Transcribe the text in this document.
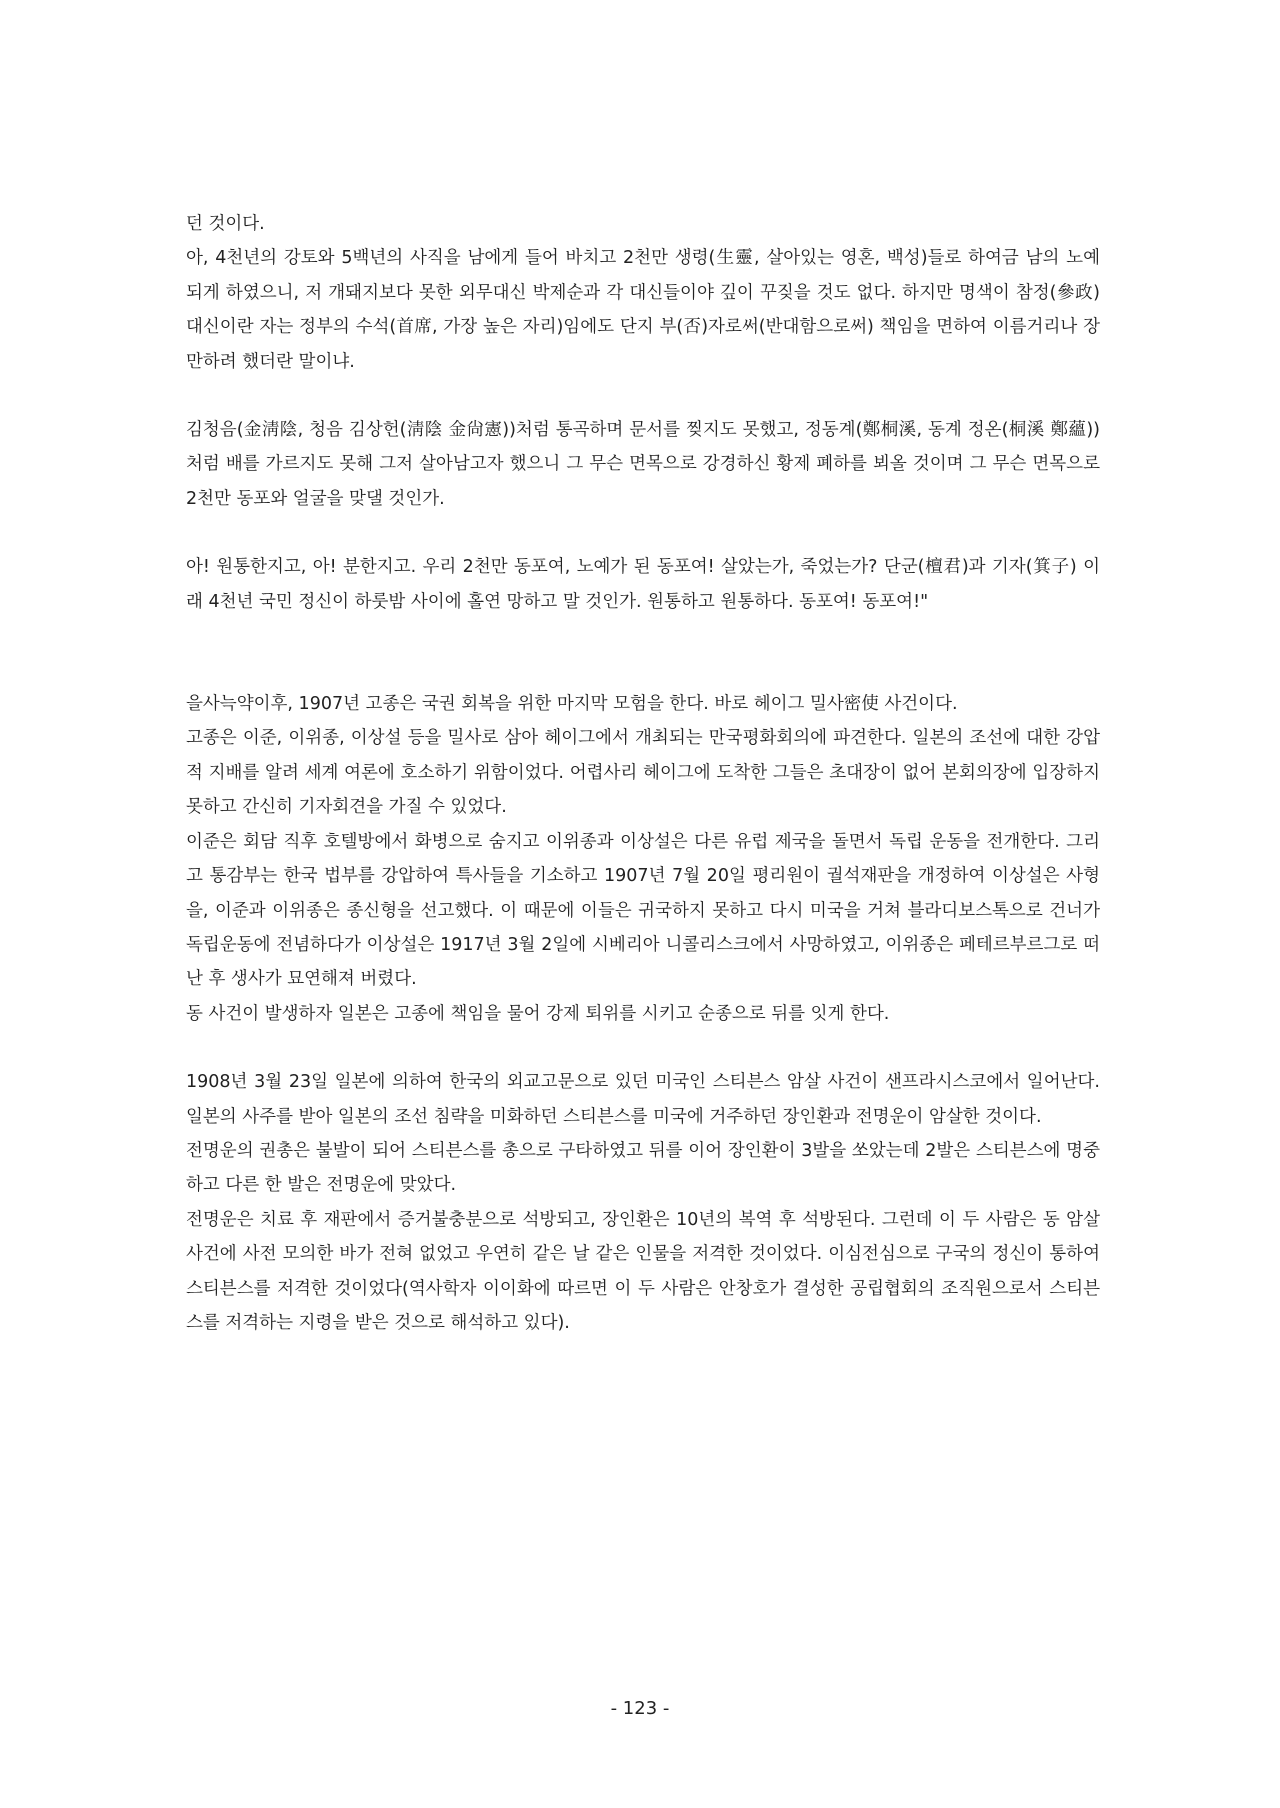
던 것이다.

아, 4천년의 강토와 5백년의 사직을 남에게 들어 바치고 2천만 생령(生靈, 살아있는 영혼, 백성)들로 하여금 남의 노예 되게 하였으니, 저 개돼지보다 못한 외무대신 박제순과 각 대신들이야 깊이 꾸짖을 것도 없다. 하지만 명색이 참정(參政)대신이란 자는 정부의 수석(首席, 가장 높은 자리)임에도 단지 부(否)자로써(반대함으로써) 책임을 면하여 이름거리나 장만하려 했더란 말이냐.

김청음(金淸陰, 청음 김상헌(淸陰 金尙憲))처럼 통곡하며 문서를 찢지도 못했고, 정동계(鄭桐溪, 동계 정온(桐溪 鄭蘊))처럼 배를 가르지도 못해 그저 살아남고자 했으니 그 무슨 면목으로 강경하신 황제 폐하를 뵈올 것이며 그 무슨 면목으로 2천만 동포와 얼굴을 맞댈 것인가.

아! 원통한지고, 아! 분한지고. 우리 2천만 동포여, 노예가 된 동포여! 살았는가, 죽었는가? 단군(檀君)과 기자(箕子) 이래 4천년 국민 정신이 하룻밤 사이에 홀연 망하고 말 것인가. 원통하고 원통하다. 동포여! 동포여!"

을사늑약이후, 1907년 고종은 국권 회복을 위한 마지막 모험을 한다. 바로 헤이그 밀사密使 사건이다.

고종은 이준, 이위종, 이상설 등을 밀사로 삼아 헤이그에서 개최되는 만국평화회의에 파견한다. 일본의 조선에 대한 강압적 지배를 알려 세계 여론에 호소하기 위함이었다. 어렵사리 헤이그에 도착한 그들은 초대장이 없어 본회의장에 입장하지 못하고 간신히 기자회견을 가질 수 있었다.

이준은 회담 직후 호텔방에서 화병으로 숨지고 이위종과 이상설은 다른 유럽 제국을 돌면서 독립 운동을 전개한다. 그리고 통감부는 한국 법부를 강압하여 특사들을 기소하고 1907년 7월 20일 평리원이 궐석재판을 개정하여 이상설은 사형을, 이준과 이위종은 종신형을 선고했다. 이 때문에 이들은 귀국하지 못하고 다시 미국을 거쳐 블라디보스톡으로 건너가 독립운동에 전념하다가 이상설은 1917년 3월 2일에 시베리아 니콜리스크에서 사망하였고, 이위종은 페테르부르그로 떠난 후 생사가 묘연해져 버렸다.

동 사건이 발생하자 일본은 고종에 책임을 물어 강제 퇴위를 시키고 순종으로 뒤를 잇게 한다.

1908년 3월 23일 일본에 의하여 한국의 외교고문으로 있던 미국인 스티븐스 암살 사건이 샌프라시스코에서 일어난다. 일본의 사주를 받아 일본의 조선 침략을 미화하던 스티븐스를 미국에 거주하던 장인환과 전명운이 암살한 것이다.

전명운의 권총은 불발이 되어 스티븐스를 총으로 구타하였고 뒤를 이어 장인환이 3발을 쏘았는데 2발은 스티븐스에 명중하고 다른 한 발은 전명운에 맞았다.

전명운은 치료 후 재판에서 증거불충분으로 석방되고, 장인환은 10년의 복역 후 석방된다. 그런데 이 두 사람은 동 암살 사건에 사전 모의한 바가 전혀 없었고 우연히 같은 날 같은 인물을 저격한 것이었다. 이심전심으로 구국의 정신이 통하여 스티븐스를 저격한 것이었다(역사학자 이이화에 따르면 이 두 사람은 안창호가 결성한 공립협회의 조직원으로서 스티븐스를 저격하는 지령을 받은 것으로 해석하고 있다).

- 123 -
